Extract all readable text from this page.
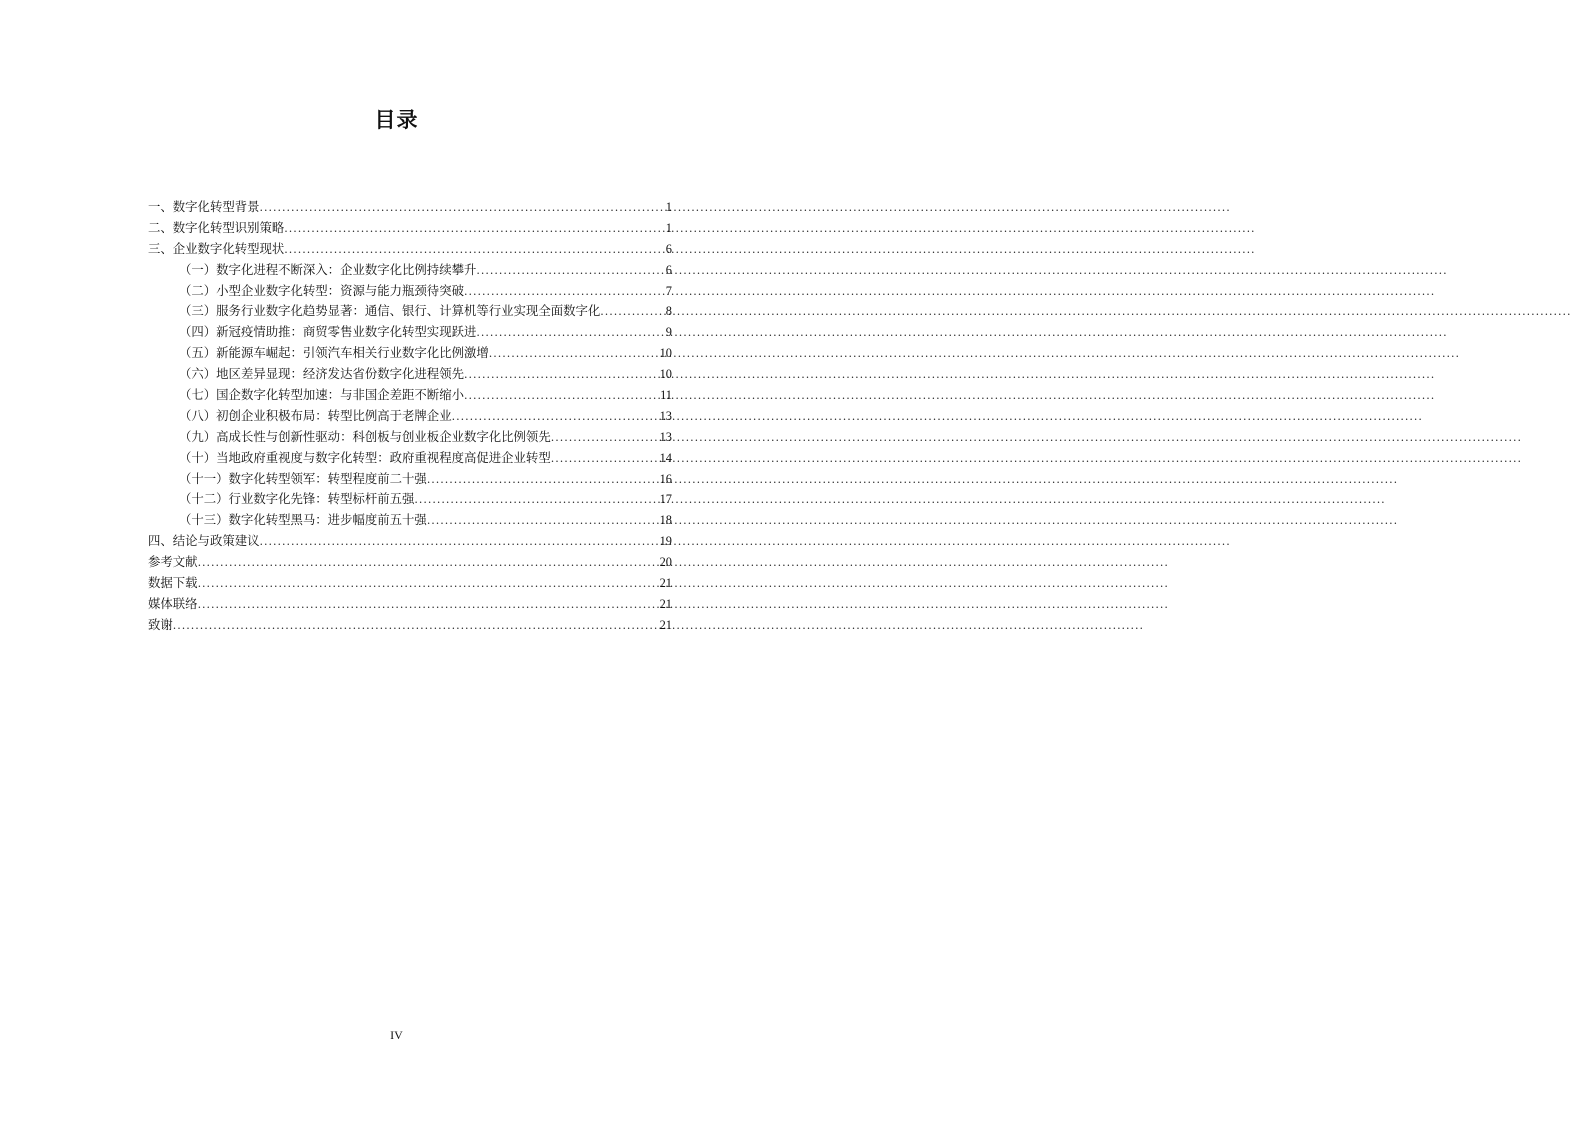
目录
一、数字化转型背景 .....	1
二、数字化转型识别策略 .....	1
三、企业数字化转型现状 .....	6
（一）数字化进程不断深入：企业数字化比例持续攀升 .....	6
（二）小型企业数字化转型：资源与能力瓶颈待突破 .....	7
（三）服务行业数字化趋势显著：通信、银行、计算机等行业实现全面数字化 .....	8
（四）新冠疫情助推：商贸零售业数字化转型实现跃进 .....	9
（五）新能源车崛起：引领汽车相关行业数字化比例激增 .....	10
（六）地区差异显现：经济发达省份数字化进程领先 .....	10
（七）国企数字化转型加速：与非国企差距不断缩小 .....	11
（八）初创企业积极布局：转型比例高于老牌企业 .....	13
（九）高成长性与创新性驱动：科创板与创业板企业数字化比例领先 .....	13
（十）当地政府重视度与数字化转型：政府重视程度高促进企业转型 .....	14
（十一）数字化转型领军：转型程度前二十强 .....	16
（十二）行业数字化先锋：转型标杆前五强 .....	17
（十三）数字化转型黑马：进步幅度前五十强 .....	18
四、结论与政策建议 .....	19
参考文献 .....	20
数据下载 .....	21
媒体联络 .....	21
致谢 .....	21
IV
